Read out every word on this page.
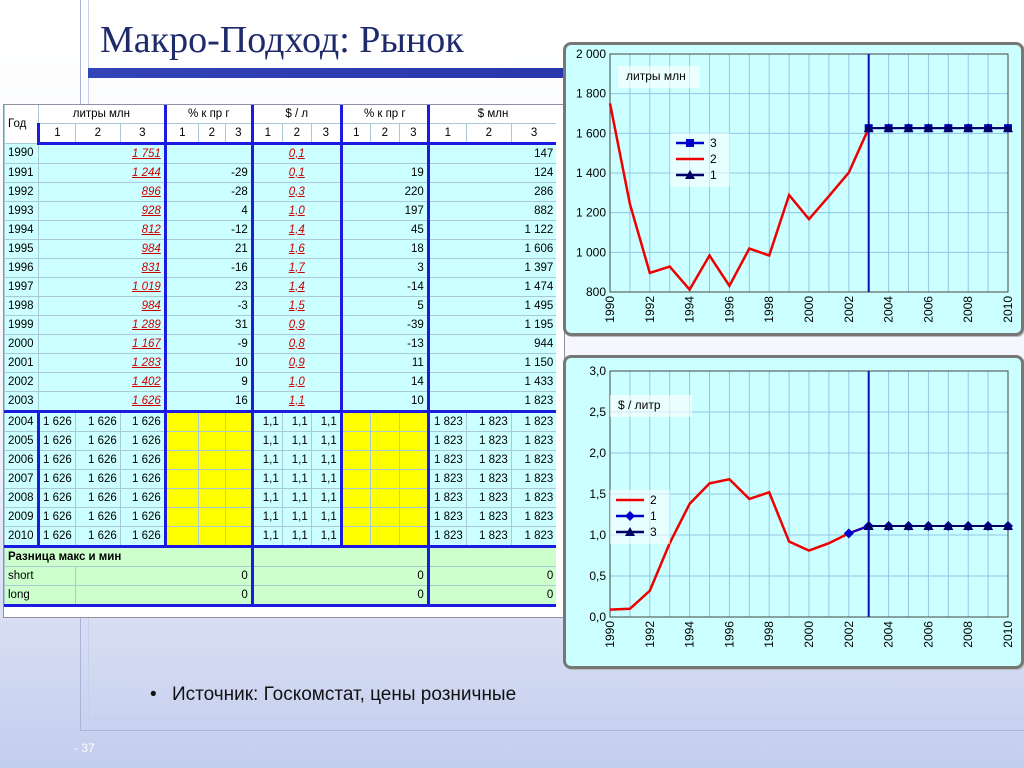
Макро-Подход: Рынок
Год	литры млн			% к пр г			$ / л			% к пр г			$ млн		
	1	2	3	1	2	3	1	2	3	1	2	3	1	2	3
1990	1 751						0,1						147		
1991	1 244			-29			0,1			19			124		
1992	896			-28			0,3			220			286		
1993	928			4			1,0			197			882		
1994	812			-12			1,4			45			1 122		
1995	984			21			1,6			18			1 606		
1996	831			-16			1,7			3			1 397		
1997	1 019			23			1,4			-14			1 474		
1998	984			-3			1,5			5			1 495		
1999	1 289			31			0,9			-39			1 195		
2000	1 167			-9			0,8			-13			944		
2001	1 283			10			0,9			11			1 150		
2002	1 402			9			1,0			14			1 433		
2003	1 626			16			1,1			10			1 823		
2004	1 626	1 626	1 626				1,1	1,1	1,1				1 823	1 823	1 823
2005	1 626	1 626	1 626				1,1	1,1	1,1				1 823	1 823	1 823
2006	1 626	1 626	1 626				1,1	1,1	1,1				1 823	1 823	1 823
2007	1 626	1 626	1 626				1,1	1,1	1,1				1 823	1 823	1 823
2008	1 626	1 626	1 626				1,1	1,1	1,1				1 823	1 823	1 823
2009	1 626	1 626	1 626				1,1	1,1	1,1				1 823	1 823	1 823
2010	1 626	1 626	1 626				1,1	1,1	1,1				1 823	1 823	1 823
Разница макс и мин															
short		0					0						0		
long		0					0						0		
800
1 000
1 200
1 400
1 600
1 800
2 000
1990 1992 1994 1996 1998 2000 2002 2004 2006 2008 2010
литры млн
3
2
1
0,0
0,5
1,0
1,5
2,0
2,5
3,0
1990 1992 1994 1996 1998 2000 2002 2004 2006 2008 2010
$ / литр
2
1
3
• Источник: Госкомстат, цены розничные
- 37
